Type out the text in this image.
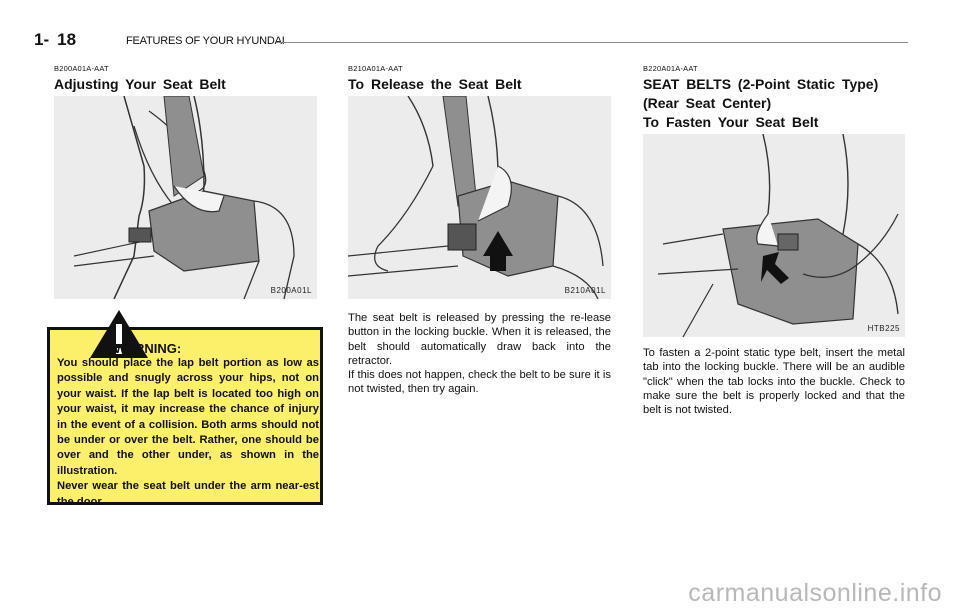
1- 18	FEATURES OF YOUR HYUNDAI
B200A01A-AAT
Adjusting Your Seat Belt
B200A01L
WARNING:

You should place the lap belt portion as low as possible and snugly across your hips, not on your waist. If the lap belt is located too high on your waist, it may increase the chance of injury in the event of a collision. Both arms should not be under or over the belt. Rather, one should be over and the other under, as shown in the illustration.

Never wear the seat belt under the arm near-est the door.

B210A01A-AAT
To Release the Seat Belt
B210A01L

The seat belt is released by pressing the re-lease button in the locking buckle. When it is released, the belt should automatically draw back into the retractor.

If this does not happen, check the belt to be sure it is not twisted, then try again.

B220A01A-AAT
SEAT BELTS (2-Point Static Type)
(Rear Seat Center)
To Fasten Your Seat Belt
HTB225

To fasten a 2-point static type belt, insert the metal tab into the locking buckle. There will be an audible "click" when the tab locks into the buckle. Check to make sure the belt is properly locked and that the belt is not twisted.

carmanualsonline.info
